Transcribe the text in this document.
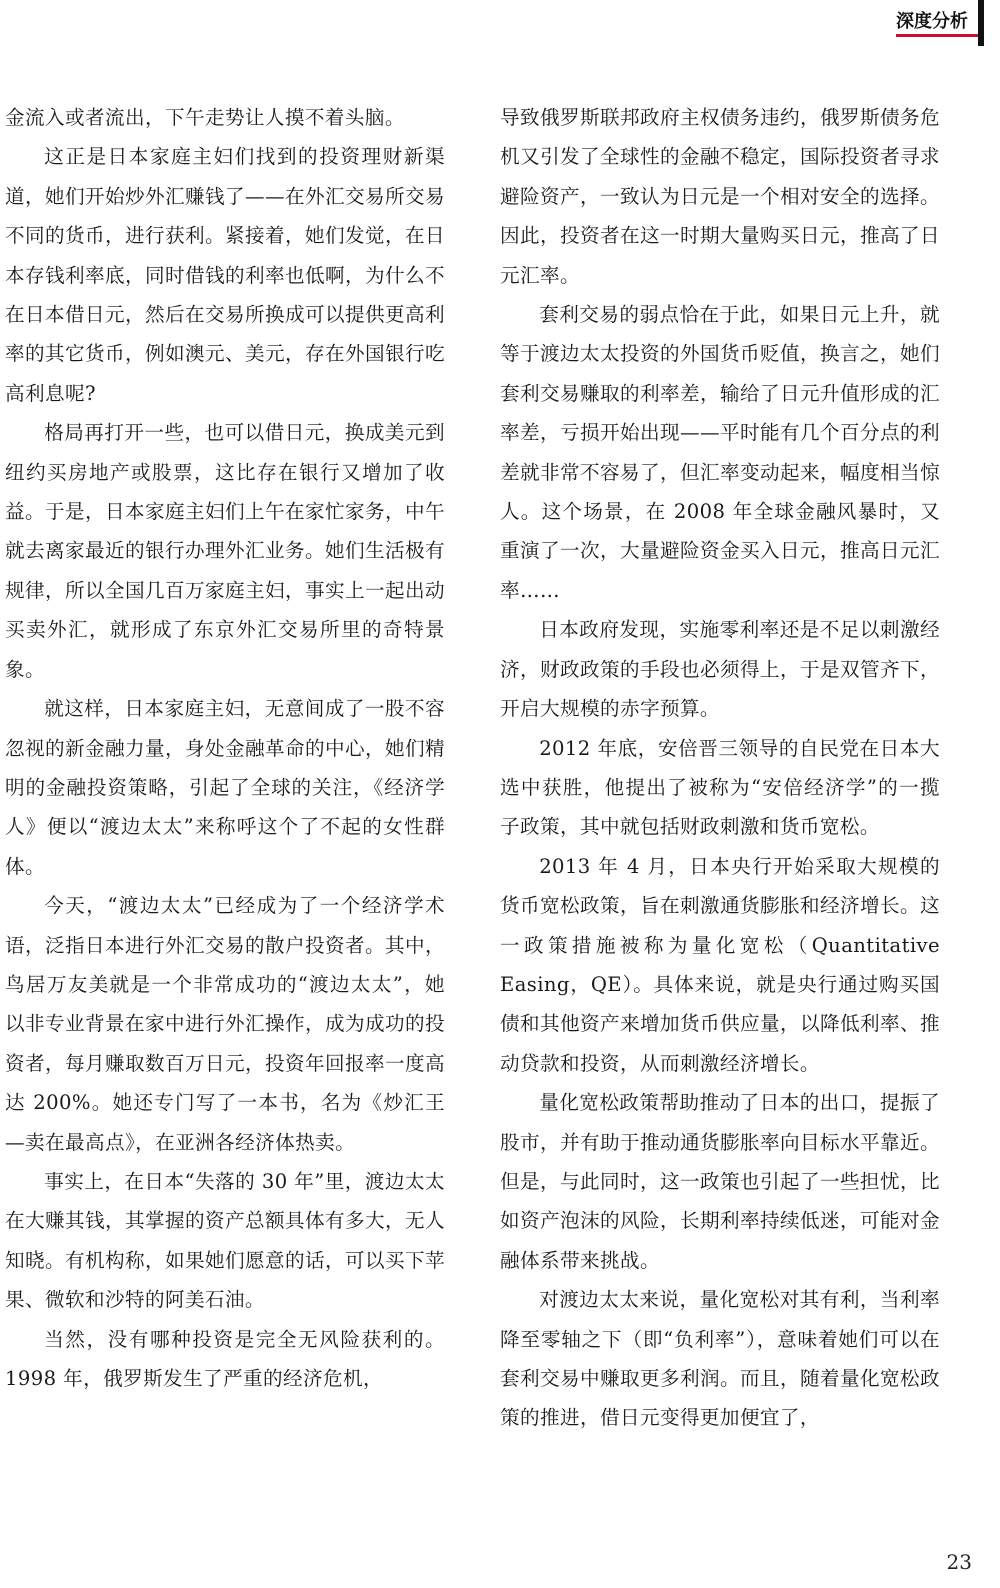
深度分析

金流入或者流出，下午走势让人摸不着头脑。

这正是日本家庭主妇们找到的投资理财新渠道，她们开始炒外汇赚钱了——在外汇交易所交易不同的货币，进行获利。紧接着，她们发觉，在日本存钱利率底，同时借钱的利率也低啊，为什么不在日本借日元，然后在交易所换成可以提供更高利率的其它货币，例如澳元、美元，存在外国银行吃高利息呢?

格局再打开一些，也可以借日元，换成美元到纽约买房地产或股票，这比存在银行又增加了收益。于是，日本家庭主妇们上午在家忙家务，中午就去离家最近的银行办理外汇业务。她们生活极有规律，所以全国几百万家庭主妇，事实上一起出动买卖外汇，就形成了东京外汇交易所里的奇特景象。

就这样，日本家庭主妇，无意间成了一股不容忽视的新金融力量，身处金融革命的中心，她们精明的金融投资策略，引起了全球的关注，《经济学人》便以“渡边太太”来称呼这个了不起的女性群体。

今天，“渡边太太”已经成为了一个经济学术语，泛指日本进行外汇交易的散户投资者。其中，鸟居万友美就是一个非常成功的“渡边太太”，她以非专业背景在家中进行外汇操作，成为成功的投资者，每月赚取数百万日元，投资年回报率一度高达 200%。她还专门写了一本书，名为《炒汇王—卖在最高点》，在亚洲各经济体热卖。

事实上，在日本“失落的 30 年”里，渡边太太在大赚其钱，其掌握的资产总额具体有多大，无人知晓。有机构称，如果她们愿意的话，可以买下苹果、微软和沙特的阿美石油。

当然，没有哪种投资是完全无风险获利的。1998 年，俄罗斯发生了严重的经济危机，

导致俄罗斯联邦政府主权债务违约，俄罗斯债务危机又引发了全球性的金融不稳定，国际投资者寻求避险资产，一致认为日元是一个相对安全的选择。因此，投资者在这一时期大量购买日元，推高了日元汇率。

套利交易的弱点恰在于此，如果日元上升，就等于渡边太太投资的外国货币贬值，换言之，她们套利交易赚取的利率差，输给了日元升值形成的汇率差，亏损开始出现——平时能有几个百分点的利差就非常不容易了，但汇率变动起来，幅度相当惊人。这个场景，在 2008 年全球金融风暴时，又重演了一次，大量避险资金买入日元，推高日元汇率……

日本政府发现，实施零利率还是不足以刺激经济，财政政策的手段也必须得上，于是双管齐下，开启大规模的赤字预算。

2012 年底，安倍晋三领导的自民党在日本大选中获胜，他提出了被称为“安倍经济学”的一揽子政策，其中就包括财政刺激和货币宽松。

2013 年 4 月，日本央行开始采取大规模的货币宽松政策，旨在刺激通货膨胀和经济增长。这一政策措施被称为量化宽松（Quantitative Easing，QE）。具体来说，就是央行通过购买国债和其他资产来增加货币供应量，以降低利率、推动贷款和投资，从而刺激经济增长。

量化宽松政策帮助推动了日本的出口，提振了股市，并有助于推动通货膨胀率向目标水平靠近。但是，与此同时，这一政策也引起了一些担忧，比如资产泡沫的风险，长期利率持续低迷，可能对金融体系带来挑战。

对渡边太太来说，量化宽松对其有利，当利率降至零轴之下（即“负利率”），意味着她们可以在套利交易中赚取更多利润。而且，随着量化宽松政策的推进，借日元变得更加便宜了，

23
